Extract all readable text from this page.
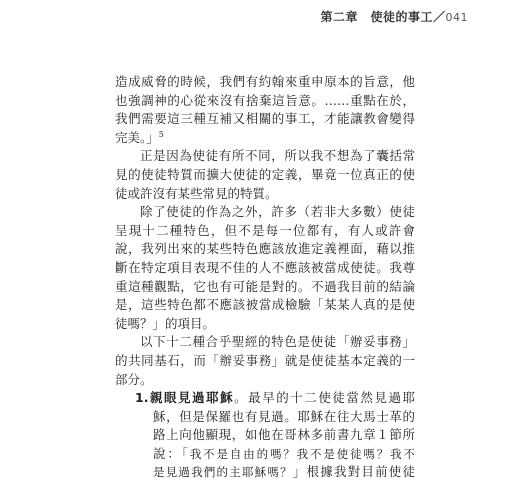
第二章　使徒的事工／041
造成威脅的時候，我們有約翰來重申原本的旨意，他
也強調神的心從來沒有捨棄這旨意。……重點在於，
我們需要這三種互補又相關的事工，才能讓教會變得
完美。」$^5$
正是因為使徒有所不同，所以我不想為了囊括常
見的使徒特質而擴大使徒的定義，畢竟一位真正的使
徒或許沒有某些常見的特質。
除了使徒的作為之外，許多（若非大多數）使徒
呈現十二種特色，但不是每一位都有，有人或許會
說，我列出來的某些特色應該放進定義裡面，藉以推
斷在特定項目表現不佳的人不應該被當成使徒。我尊
重這種觀點，它也有可能是對的。不過我目前的結論
是，這些特色都不應該被當成檢驗「某某人真的是使
徒嗎？」的項目。
以下十二種合乎聖經的特色是使徒「辦妥事務」
的共同基石，而「辦妥事務」就是使徒基本定義的一
部分。
1.親眼見過耶穌。最早的十二使徒當然見過耶
穌，但是保羅也有見過。耶穌在往大馬士革的
路上向他顯現，如他在哥林多前書九章１節所
說：「我不是自由的嗎？我不是使徒嗎？我不
是見過我們的主耶穌嗎？」根據我對目前使徒
